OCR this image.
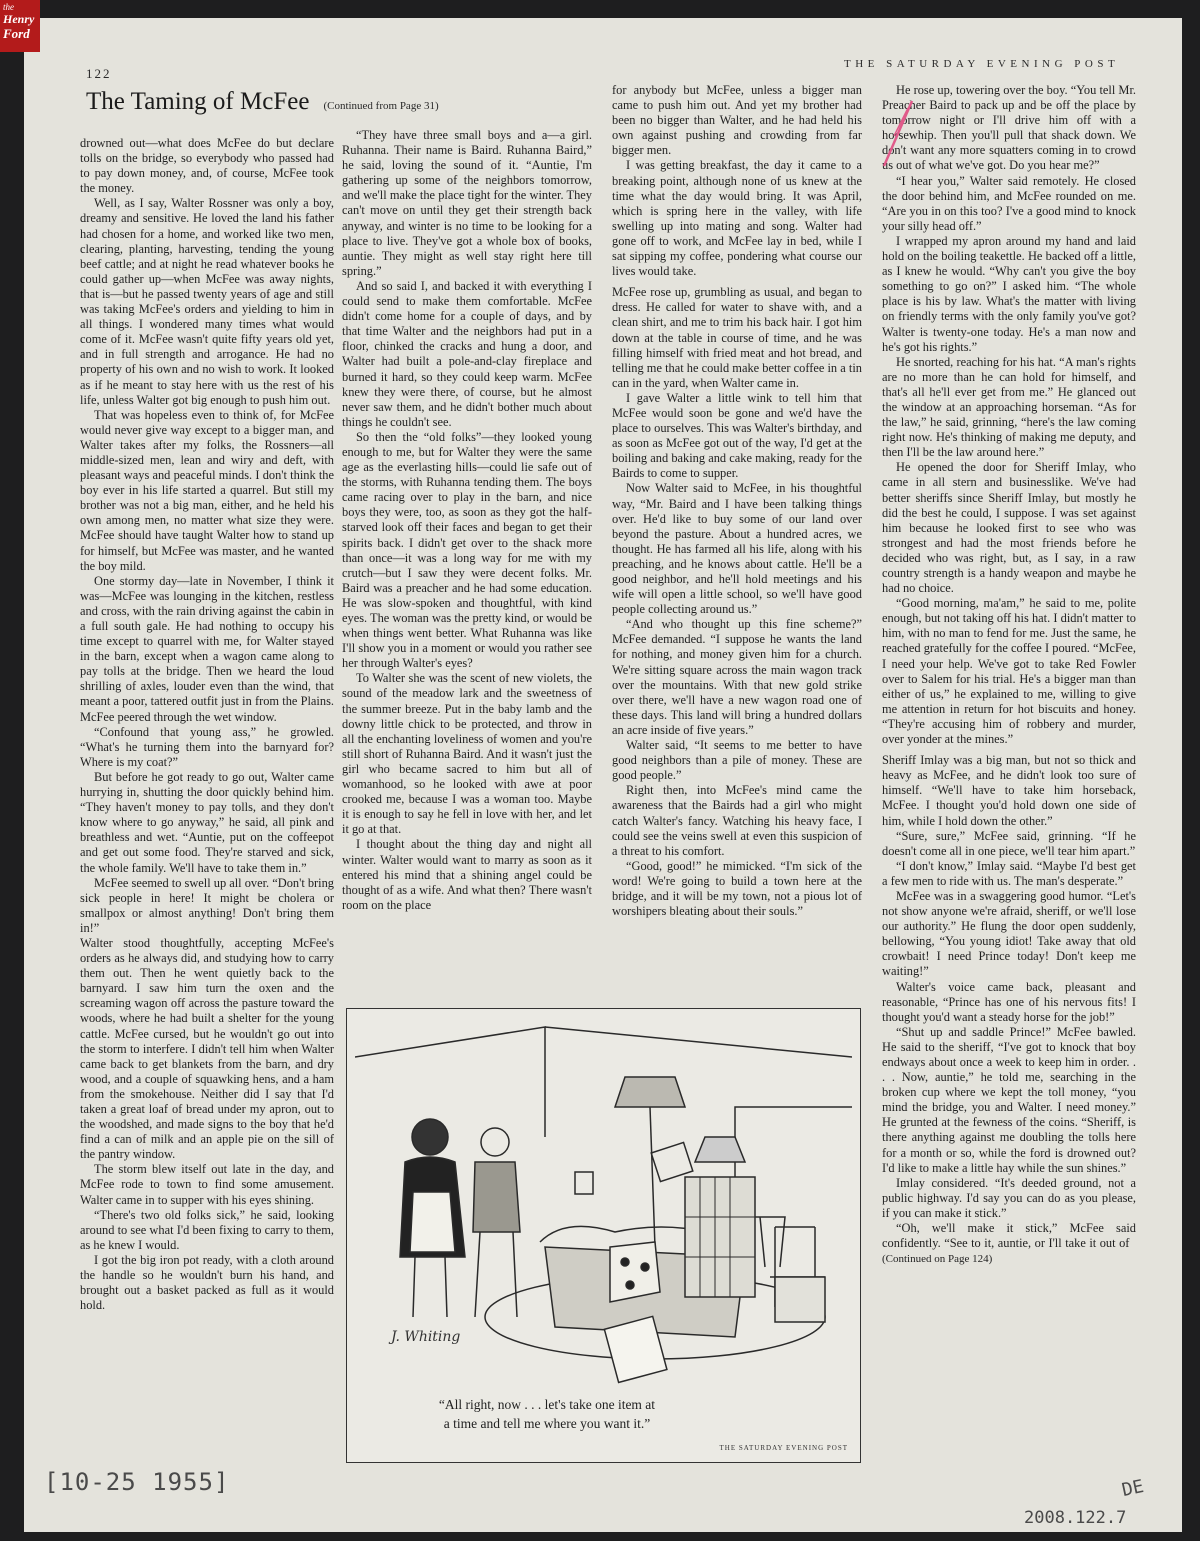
the
Henry
Ford
THE SATURDAY EVENING POST
122
The Taming of McFee (Continued from Page 31)

drowned out—what does McFee do but declare tolls on the bridge, so everybody who passed had to pay down money, and, of course, McFee took the money.

Well, as I say, Walter Rossner was only a boy, dreamy and sensitive. He loved the land his father had chosen for a home, and worked like two men, clearing, planting, harvesting, tending the young beef cattle; and at night he read whatever books he could gather up—when McFee was away nights, that is—but he passed twenty years of age and still was taking McFee's orders and yielding to him in all things. I wondered many times what would come of it. McFee wasn't quite fifty years old yet, and in full strength and arrogance. He had no property of his own and no wish to work. It looked as if he meant to stay here with us the rest of his life, unless Walter got big enough to push him out.

That was hopeless even to think of, for McFee would never give way except to a bigger man, and Walter takes after my folks, the Rossners—all middle-sized men, lean and wiry and deft, with pleasant ways and peaceful minds. I don't think the boy ever in his life started a quarrel. But still my brother was not a big man, either, and he held his own among men, no matter what size they were. McFee should have taught Walter how to stand up for himself, but McFee was master, and he wanted the boy mild.

One stormy day—late in November, I think it was—McFee was lounging in the kitchen, restless and cross, with the rain driving against the cabin in a full south gale. He had nothing to occupy his time except to quarrel with me, for Walter stayed in the barn, except when a wagon came along to pay tolls at the bridge. Then we heard the loud shrilling of axles, louder even than the wind, that meant a poor, tattered outfit just in from the Plains. McFee peered through the wet window.

“Confound that young ass,” he growled. “What's he turning them into the barnyard for? Where is my coat?”

But before he got ready to go out, Walter came hurrying in, shutting the door quickly behind him. “They haven't money to pay tolls, and they don't know where to go anyway,” he said, all pink and breathless and wet. “Auntie, put on the coffeepot and get out some food. They're starved and sick, the whole family. We'll have to take them in.”

McFee seemed to swell up all over. “Don't bring sick people in here! It might be cholera or smallpox or almost anything! Don't bring them in!”

Walter stood thoughtfully, accepting McFee's orders as he always did, and studying how to carry them out. Then he went quietly back to the barnyard. I saw him turn the oxen and the screaming wagon off across the pasture toward the woods, where he had built a shelter for the young cattle. McFee cursed, but he wouldn't go out into the storm to interfere. I didn't tell him when Walter came back to get blankets from the barn, and dry wood, and a couple of squawking hens, and a ham from the smokehouse. Neither did I say that I'd taken a great loaf of bread under my apron, out to the woodshed, and made signs to the boy that he'd find a can of milk and an apple pie on the sill of the pantry window.

The storm blew itself out late in the day, and McFee rode to town to find some amusement. Walter came in to supper with his eyes shining.

“There's two old folks sick,” he said, looking around to see what I'd been fixing to carry to them, as he knew I would.

I got the big iron pot ready, with a cloth around the handle so he wouldn't burn his hand, and brought out a basket packed as full as it would hold.

“They have three small boys and a—a girl. Ruhanna. Their name is Baird. Ruhanna Baird,” he said, loving the sound of it. “Auntie, I'm gathering up some of the neighbors tomorrow, and we'll make the place tight for the winter. They can't move on until they get their strength back anyway, and winter is no time to be looking for a place to live. They've got a whole box of books, auntie. They might as well stay right here till spring.”

And so said I, and backed it with everything I could send to make them comfortable. McFee didn't come home for a couple of days, and by that time Walter and the neighbors had put in a floor, chinked the cracks and hung a door, and Walter had built a pole-and-clay fireplace and burned it hard, so they could keep warm. McFee knew they were there, of course, but he almost never saw them, and he didn't bother much about things he couldn't see.

So then the “old folks”—they looked young enough to me, but for Walter they were the same age as the everlasting hills—could lie safe out of the storms, with Ruhanna tending them. The boys came racing over to play in the barn, and nice boys they were, too, as soon as they got the half-starved look off their faces and began to get their spirits back. I didn't get over to the shack more than once—it was a long way for me with my crutch—but I saw they were decent folks. Mr. Baird was a preacher and he had some education. He was slow-spoken and thoughtful, with kind eyes. The woman was the pretty kind, or would be when things went better. What Ruhanna was like I'll show you in a moment or would you rather see her through Walter's eyes?

To Walter she was the scent of new violets, the sound of the meadow lark and the sweetness of the summer breeze. Put in the baby lamb and the downy little chick to be protected, and throw in all the enchanting loveliness of women and you're still short of Ruhanna Baird. And it wasn't just the girl who became sacred to him but all of womanhood, so he looked with awe at poor crooked me, because I was a woman too. Maybe it is enough to say he fell in love with her, and let it go at that.

I thought about the thing day and night all winter. Walter would want to marry as soon as it entered his mind that a shining angel could be thought of as a wife. And what then? There wasn't room on the place

for anybody but McFee, unless a bigger man came to push him out. And yet my brother had been no bigger than Walter, and he had held his own against pushing and crowding from far bigger men.

I was getting breakfast, the day it came to a breaking point, although none of us knew at the time what the day would bring. It was April, which is spring here in the valley, with life swelling up into mating and song. Walter had gone off to work, and McFee lay in bed, while I sat sipping my coffee, pondering what course our lives would take.

McFee rose up, grumbling as usual, and began to dress. He called for water to shave with, and a clean shirt, and me to trim his back hair. I got him down at the table in course of time, and he was filling himself with fried meat and hot bread, and telling me that he could make better coffee in a tin can in the yard, when Walter came in.

I gave Walter a little wink to tell him that McFee would soon be gone and we'd have the place to ourselves. This was Walter's birthday, and as soon as McFee got out of the way, I'd get at the boiling and baking and cake making, ready for the Bairds to come to supper.

Now Walter said to McFee, in his thoughtful way, “Mr. Baird and I have been talking things over. He'd like to buy some of our land over beyond the pasture. About a hundred acres, we thought. He has farmed all his life, along with his preaching, and he knows about cattle. He'll be a good neighbor, and he'll hold meetings and his wife will open a little school, so we'll have good people collecting around us.”

“And who thought up this fine scheme?” McFee demanded. “I suppose he wants the land for nothing, and money given him for a church. We're sitting square across the main wagon track over the mountains. With that new gold strike over there, we'll have a new wagon road one of these days. This land will bring a hundred dollars an acre inside of five years.”

Walter said, “It seems to me better to have good neighbors than a pile of money. These are good people.”

Right then, into McFee's mind came the awareness that the Bairds had a girl who might catch Walter's fancy. Watching his heavy face, I could see the veins swell at even this suspicion of a threat to his comfort.

“Good, good!” he mimicked. “I'm sick of the word! We're going to build a town here at the bridge, and it will be my town, not a pious lot of worshipers bleating about their souls.”

He rose up, towering over the boy. “You tell Mr. Preacher Baird to pack up and be off the place by tomorrow night or I'll drive him off with a horsewhip. Then you'll pull that shack down. We don't want any more squatters coming in to crowd us out of what we've got. Do you hear me?”

“I hear you,” Walter said remotely. He closed the door behind him, and McFee rounded on me. “Are you in on this too? I've a good mind to knock your silly head off.”

I wrapped my apron around my hand and laid hold on the boiling teakettle. He backed off a little, as I knew he would. “Why can't you give the boy something to go on?” I asked him. “The whole place is his by law. What's the matter with living on friendly terms with the only family you've got? Walter is twenty-one today. He's a man now and he's got his rights.”

He snorted, reaching for his hat. “A man's rights are no more than he can hold for himself, and that's all he'll ever get from me.” He glanced out the window at an approaching horseman. “As for the law,” he said, grinning, “here's the law coming right now. He's thinking of making me deputy, and then I'll be the law around here.”

He opened the door for Sheriff Imlay, who came in all stern and businesslike. We've had better sheriffs since Sheriff Imlay, but mostly he did the best he could, I suppose. I was set against him because he looked first to see who was strongest and had the most friends before he decided who was right, but, as I say, in a raw country strength is a handy weapon and maybe he had no choice.

“Good morning, ma'am,” he said to me, polite enough, but not taking off his hat. I didn't matter to him, with no man to fend for me. Just the same, he reached gratefully for the coffee I poured. “McFee, I need your help. We've got to take Red Fowler over to Salem for his trial. He's a bigger man than either of us,” he explained to me, willing to give me attention in return for hot biscuits and honey. “They're accusing him of robbery and murder, over yonder at the mines.”

Sheriff Imlay was a big man, but not so thick and heavy as McFee, and he didn't look too sure of himself. “We'll have to take him horseback, McFee. I thought you'd hold down one side of him, while I hold down the other.”

“Sure, sure,” McFee said, grinning. “If he doesn't come all in one piece, we'll tear him apart.”

“I don't know,” Imlay said. “Maybe I'd best get a few men to ride with us. The man's desperate.”

McFee was in a swaggering good humor. “Let's not show anyone we're afraid, sheriff, or we'll lose our authority.” He flung the door open suddenly, bellowing, “You young idiot! Take away that old crowbait! I need Prince today! Don't keep me waiting!”

Walter's voice came back, pleasant and reasonable, “Prince has one of his nervous fits! I thought you'd want a steady horse for the job!”

“Shut up and saddle Prince!” McFee bawled. He said to the sheriff, “I've got to knock that boy endways about once a week to keep him in order. . . . Now, auntie,” he told me, searching in the broken cup where we kept the toll money, “you mind the bridge, you and Walter. I need money.” He grunted at the fewness of the coins. “Sheriff, is there anything against me doubling the tolls here for a month or so, while the ford is drowned out? I'd like to make a little hay while the sun shines.”

Imlay considered. “It's deeded ground, not a public highway. I'd say you can do as you please, if you can make it stick.”

“Oh, we'll make it stick,” McFee said confidently. “See to it, auntie, or I'll take it out of   (Continued on Page 124)

J. Whiting
“All right, now . . . let's take one item at
a time and tell me where you want it.”
THE SATURDAY EVENING POST
[10-25 1955]
2008.122.7
DE
